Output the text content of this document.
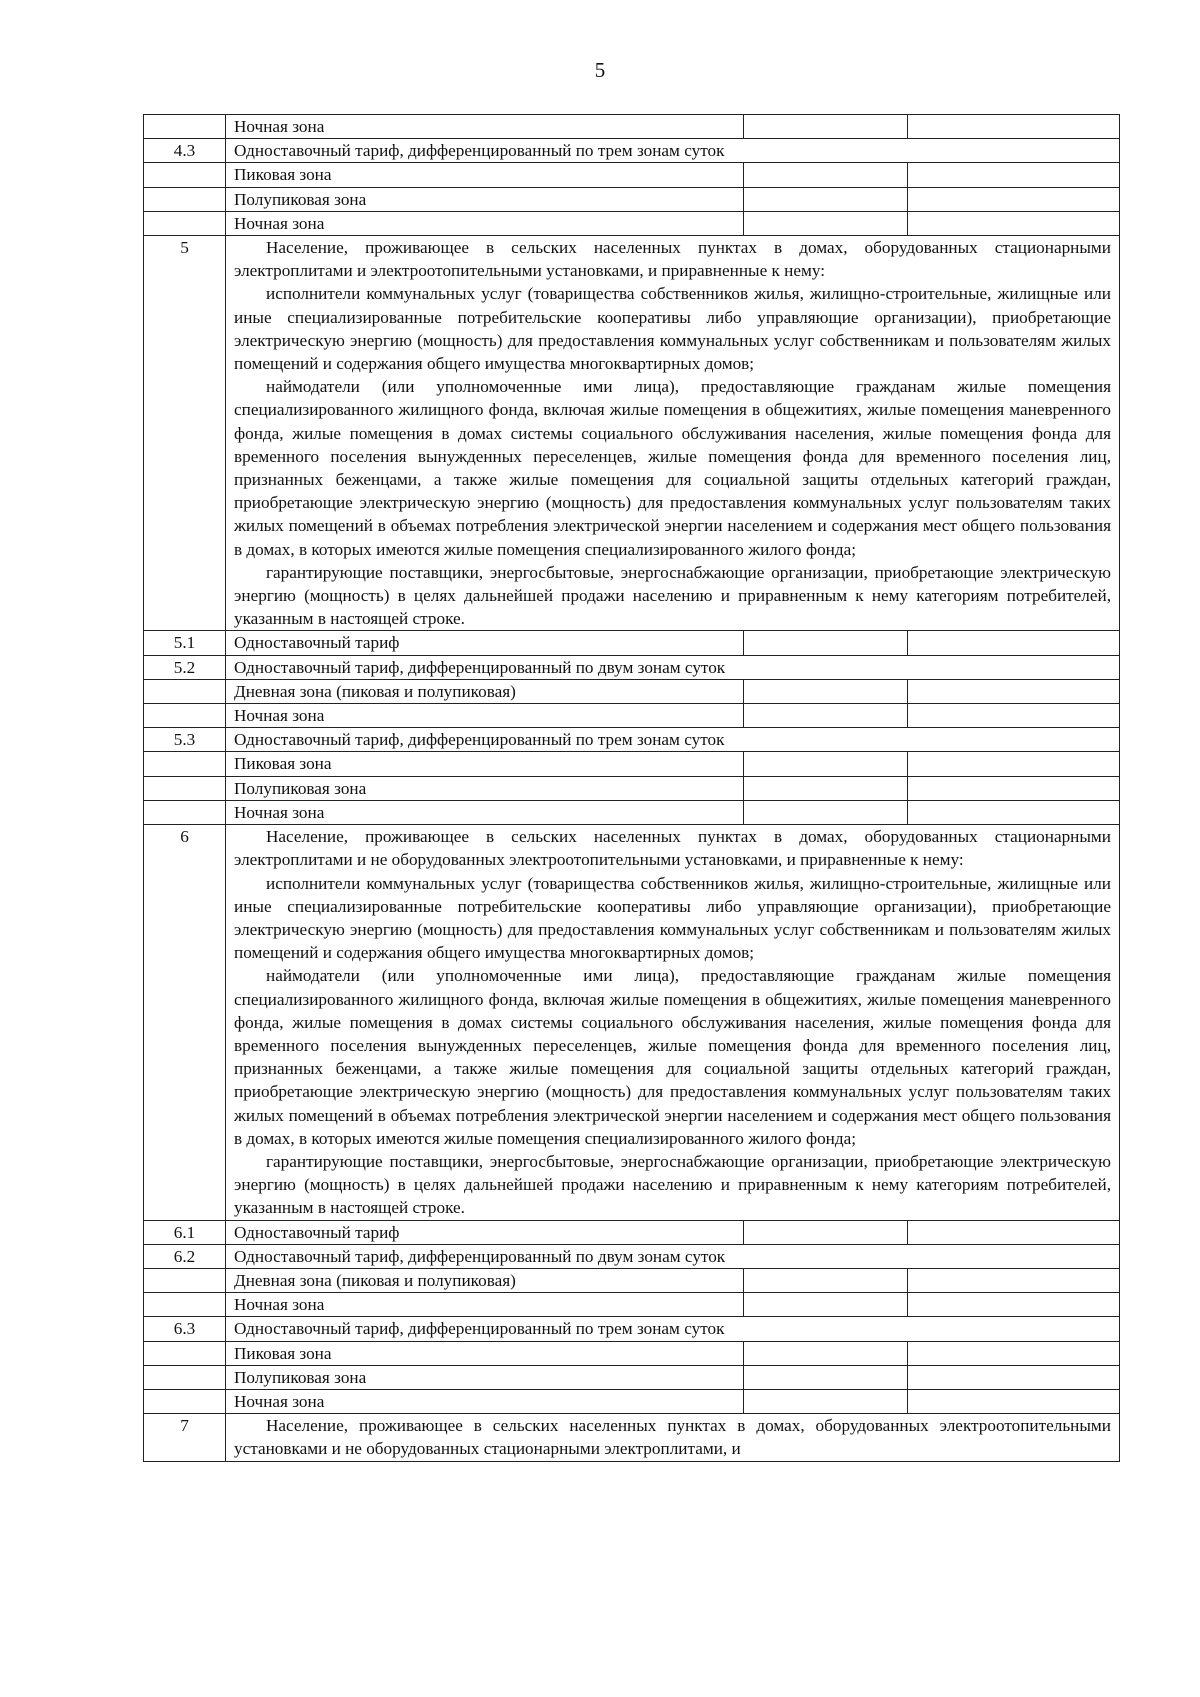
5
	Ночная зона		
4.3	Одноставочный тариф, дифференцированный по трем зонам суток		
	Пиковая зона		
	Полупиковая зона		
	Ночная зона		
5	Население, проживающее в сельских населенных пунктах в домах, оборудованных стационарными электроплитами и электроотопительными установками, и приравненные к нему:

исполнители коммунальных услуг (товарищества собственников жилья, жилищно-строительные, жилищные или иные специализированные потребительские кооперативы либо управляющие организации), приобретающие электрическую энергию (мощность) для предоставления коммунальных услуг собственникам и пользователям жилых помещений и содержания общего имущества многоквартирных домов;

наймодатели (или уполномоченные ими лица), предоставляющие гражданам жилые помещения специализированного жилищного фонда, включая жилые помещения в общежитиях, жилые помещения маневренного фонда, жилые помещения в домах системы социального обслуживания населения, жилые помещения фонда для временного поселения вынужденных переселенцев, жилые помещения фонда для временного поселения лиц, признанных беженцами, а также жилые помещения для социальной защиты отдельных категорий граждан, приобретающие электрическую энергию (мощность) для предоставления коммунальных услуг пользователям таких жилых помещений в объемах потребления электрической энергии населением и содержания мест общего пользования в домах, в которых имеются жилые помещения специализированного жилого фонда;

гарантирующие поставщики, энергосбытовые, энергоснабжающие организации, приобретающие электрическую энергию (мощность) в целях дальнейшей продажи населению и приравненным к нему категориям потребителей, указанным в настоящей строке.		

5.1	Одноставочный тариф		
5.2	Одноставочный тариф, дифференцированный по двум зонам суток		
	Дневная зона (пиковая и полупиковая)		
	Ночная зона		
5.3	Одноставочный тариф, дифференцированный по трем зонам суток		
	Пиковая зона		
	Полупиковая зона		
	Ночная зона		
6	Население, проживающее в сельских населенных пунктах в домах, оборудованных стационарными электроплитами и не оборудованных электроотопительными установками, и приравненные к нему:

исполнители коммунальных услуг (товарищества собственников жилья, жилищно-строительные, жилищные или иные специализированные потребительские кооперативы либо управляющие организации), приобретающие электрическую энергию (мощность) для предоставления коммунальных услуг собственникам и пользователям жилых помещений и содержания общего имущества многоквартирных домов;

наймодатели (или уполномоченные ими лица), предоставляющие гражданам жилые помещения специализированного жилищного фонда, включая жилые помещения в общежитиях, жилые помещения маневренного фонда, жилые помещения в домах системы социального обслуживания населения, жилые помещения фонда для временного поселения вынужденных переселенцев, жилые помещения фонда для временного поселения лиц, признанных беженцами, а также жилые помещения для социальной защиты отдельных категорий граждан, приобретающие электрическую энергию (мощность) для предоставления коммунальных услуг пользователям таких жилых помещений в объемах потребления электрической энергии населением и содержания мест общего пользования в домах, в которых имеются жилые помещения специализированного жилого фонда;

гарантирующие поставщики, энергосбытовые, энергоснабжающие организации, приобретающие электрическую энергию (мощность) в целях дальнейшей продажи населению и приравненным к нему категориям потребителей, указанным в настоящей строке.		

6.1	Одноставочный тариф		
6.2	Одноставочный тариф, дифференцированный по двум зонам суток		
	Дневная зона (пиковая и полупиковая)		
	Ночная зона		
6.3	Одноставочный тариф, дифференцированный по трем зонам суток		
	Пиковая зона		
	Полупиковая зона		
	Ночная зона		
7	Население, проживающее в сельских населенных пунктах в домах, оборудованных электроотопительными установками и не оборудованных стационарными электроплитами, и		
